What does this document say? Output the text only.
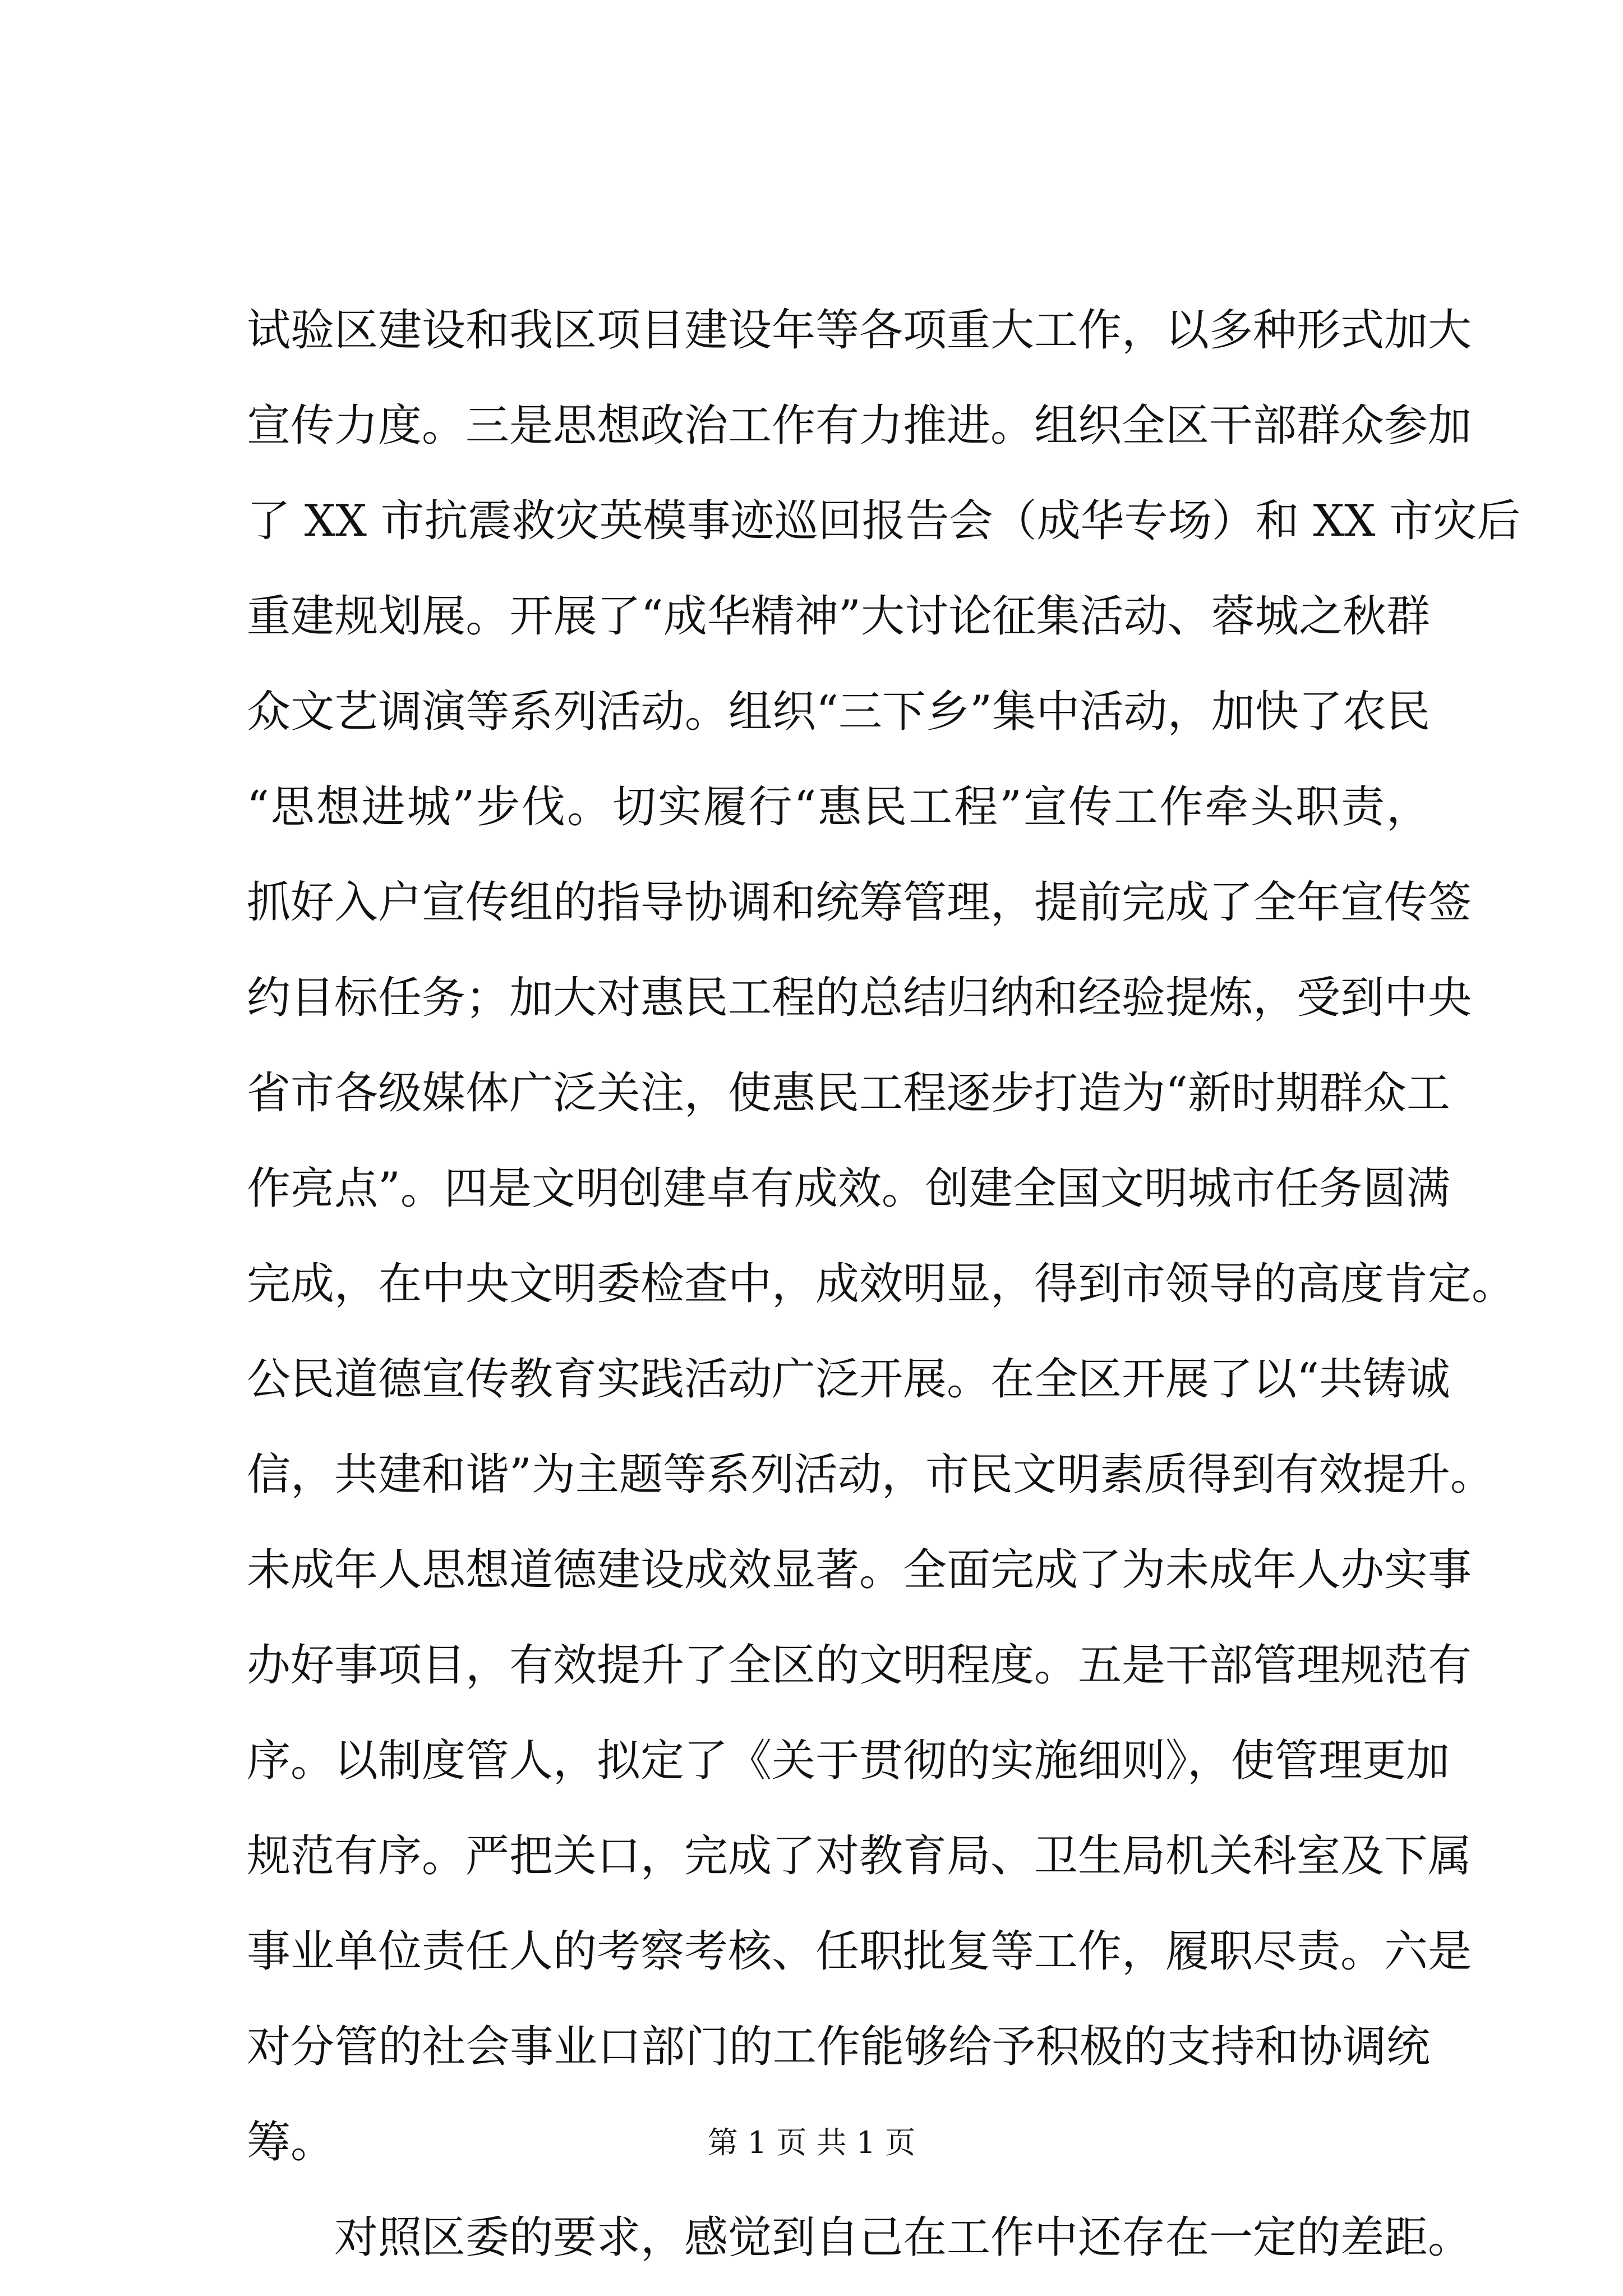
试验区建设和我区项目建设年等各项重大工作，以多种形式加大
宣传力度。三是思想政治工作有力推进。组织全区干部群众参加
了 XX 市抗震救灾英模事迹巡回报告会（成华专场）和 XX 市灾后
重建规划展。开展了“成华精神”大讨论征集活动、蓉城之秋群
众文艺调演等系列活动。组织“三下乡”集中活动，加快了农民
“思想进城”步伐。切实履行“惠民工程”宣传工作牵头职责，
抓好入户宣传组的指导协调和统筹管理，提前完成了全年宣传签
约目标任务；加大对惠民工程的总结归纳和经验提炼，受到中央
省市各级媒体广泛关注，使惠民工程逐步打造为“新时期群众工
作亮点”。四是文明创建卓有成效。创建全国文明城市任务圆满
完成，在中央文明委检查中，成效明显，得到市领导的高度肯定。
公民道德宣传教育实践活动广泛开展。在全区开展了以“共铸诚
信，共建和谐”为主题等系列活动，市民文明素质得到有效提升。
未成年人思想道德建设成效显著。全面完成了为未成年人办实事
办好事项目，有效提升了全区的文明程度。五是干部管理规范有
序。以制度管人，拟定了《关于贯彻的实施细则》，使管理更加
规范有序。严把关口，完成了对教育局、卫生局机关科室及下属
事业单位责任人的考察考核、任职批复等工作，履职尽责。六是
对分管的社会事业口部门的工作能够给予积极的支持和协调统
筹。
对照区委的要求，感觉到自己在工作中还存在一定的差距。
第 1 页 共 1 页
